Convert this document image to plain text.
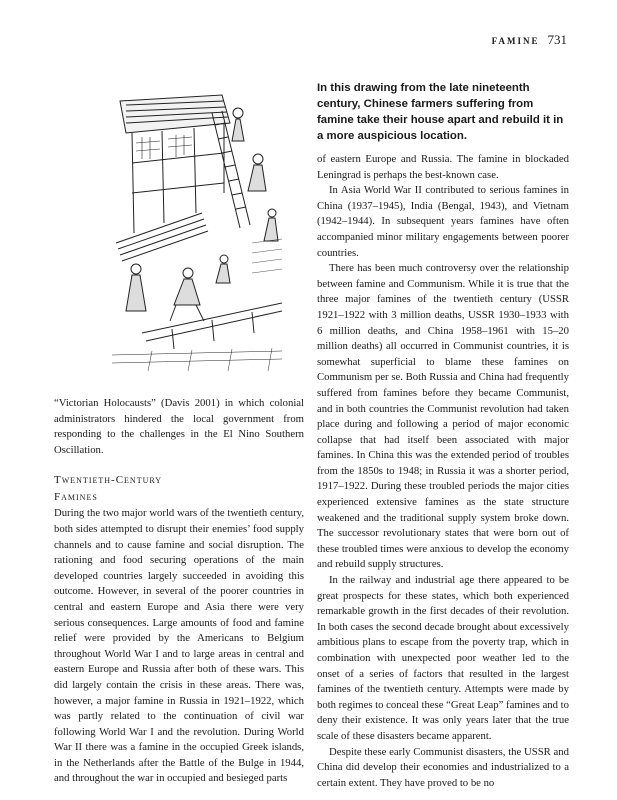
FAMINE 731

In this drawing from the late nineteenth century, Chinese farmers suffering from famine take their house apart and rebuild it in a more auspicious location.

“Victorian Holocausts” (Davis 2001) in which colonial administrators hindered the local government from responding to the challenges in the El Nino Southern Oscillation.

Twentieth-Century
Famines

During the two major world wars of the twentieth century, both sides attempted to disrupt their enemies’ food supply channels and to cause famine and social disruption. The rationing and food securing operations of the main developed countries largely succeeded in avoiding this outcome. However, in several of the poorer countries in central and eastern Europe and Asia there were very serious consequences. Large amounts of food and famine relief were provided by the Americans to Belgium throughout World War I and to large areas in central and eastern Europe and Russia after both of these wars. This did largely contain the crisis in these areas. There was, however, a major famine in Russia in 1921–1922, which was partly related to the continuation of civil war following World War I and the revolution. During World War II there was a famine in the occupied Greek islands, in the Netherlands after the Battle of the Bulge in 1944, and throughout the war in occupied and besieged parts

of eastern Europe and Russia. The famine in blockaded Leningrad is perhaps the best-known case.

In Asia World War II contributed to serious famines in China (1937–1945), India (Bengal, 1943), and Vietnam (1942–1944). In subsequent years famines have often accompanied minor military engagements between poorer countries.

There has been much controversy over the relationship between famine and Communism. While it is true that the three major famines of the twentieth century (USSR 1921–1922 with 3 million deaths, USSR 1930–1933 with 6 million deaths, and China 1958–1961 with 15–20 million deaths) all occurred in Communist countries, it is somewhat superficial to blame these famines on Communism per se. Both Russia and China had frequently suffered from famines before they became Communist, and in both countries the Communist revolution had taken place during and following a period of major economic collapse that had itself been associated with major famines. In China this was the extended period of troubles from the 1850s to 1948; in Russia it was a shorter period, 1917–1922. During these troubled periods the major cities experienced extensive famines as the state structure weakened and the traditional supply system broke down. The successor revolutionary states that were born out of these troubled times were anxious to develop the economy and rebuild supply structures.

In the railway and industrial age there appeared to be great prospects for these states, which both experienced remarkable growth in the first decades of their revolution. In both cases the second decade brought about excessively ambitious plans to escape from the poverty trap, which in combination with unexpected poor weather led to the onset of a series of factors that resulted in the largest famines of the twentieth century. Attempts were made by both regimes to conceal these “Great Leap” famines and to deny their existence. It was only years later that the true scale of these disasters became apparent.

Despite these early Communist disasters, the USSR and China did develop their economies and industrialized to a certain extent. They have proved to be no
